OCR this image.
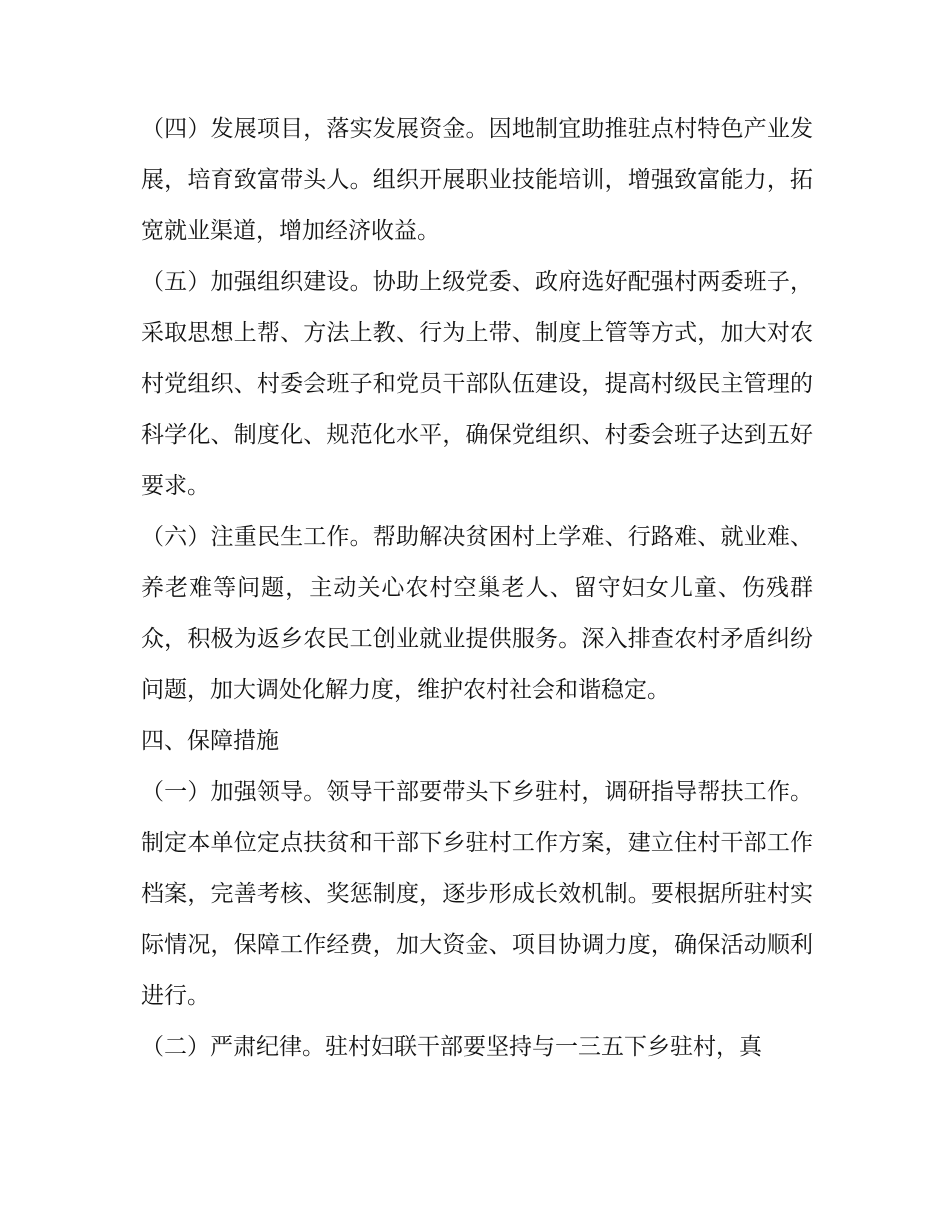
（四）发展项目，落实发展资金。因地制宜助推驻点村特色产业发展，培育致富带头人。组织开展职业技能培训，增强致富能力，拓宽就业渠道，增加经济收益。

（五）加强组织建设。协助上级党委、政府选好配强村两委班子，采取思想上帮、方法上教、行为上带、制度上管等方式，加大对农村党组织、村委会班子和党员干部队伍建设，提高村级民主管理的科学化、制度化、规范化水平，确保党组织、村委会班子达到五好要求。

（六）注重民生工作。帮助解决贫困村上学难、行路难、就业难、养老难等问题，主动关心农村空巢老人、留守妇女儿童、伤残群众，积极为返乡农民工创业就业提供服务。深入排查农村矛盾纠纷问题，加大调处化解力度，维护农村社会和谐稳定。

四、保障措施

（一）加强领导。领导干部要带头下乡驻村，调研指导帮扶工作。制定本单位定点扶贫和干部下乡驻村工作方案，建立住村干部工作档案，完善考核、奖惩制度，逐步形成长效机制。要根据所驻村实际情况，保障工作经费，加大资金、项目协调力度，确保活动顺利进行。

（二）严肃纪律。驻村妇联干部要坚持与一三五下乡驻村，真
